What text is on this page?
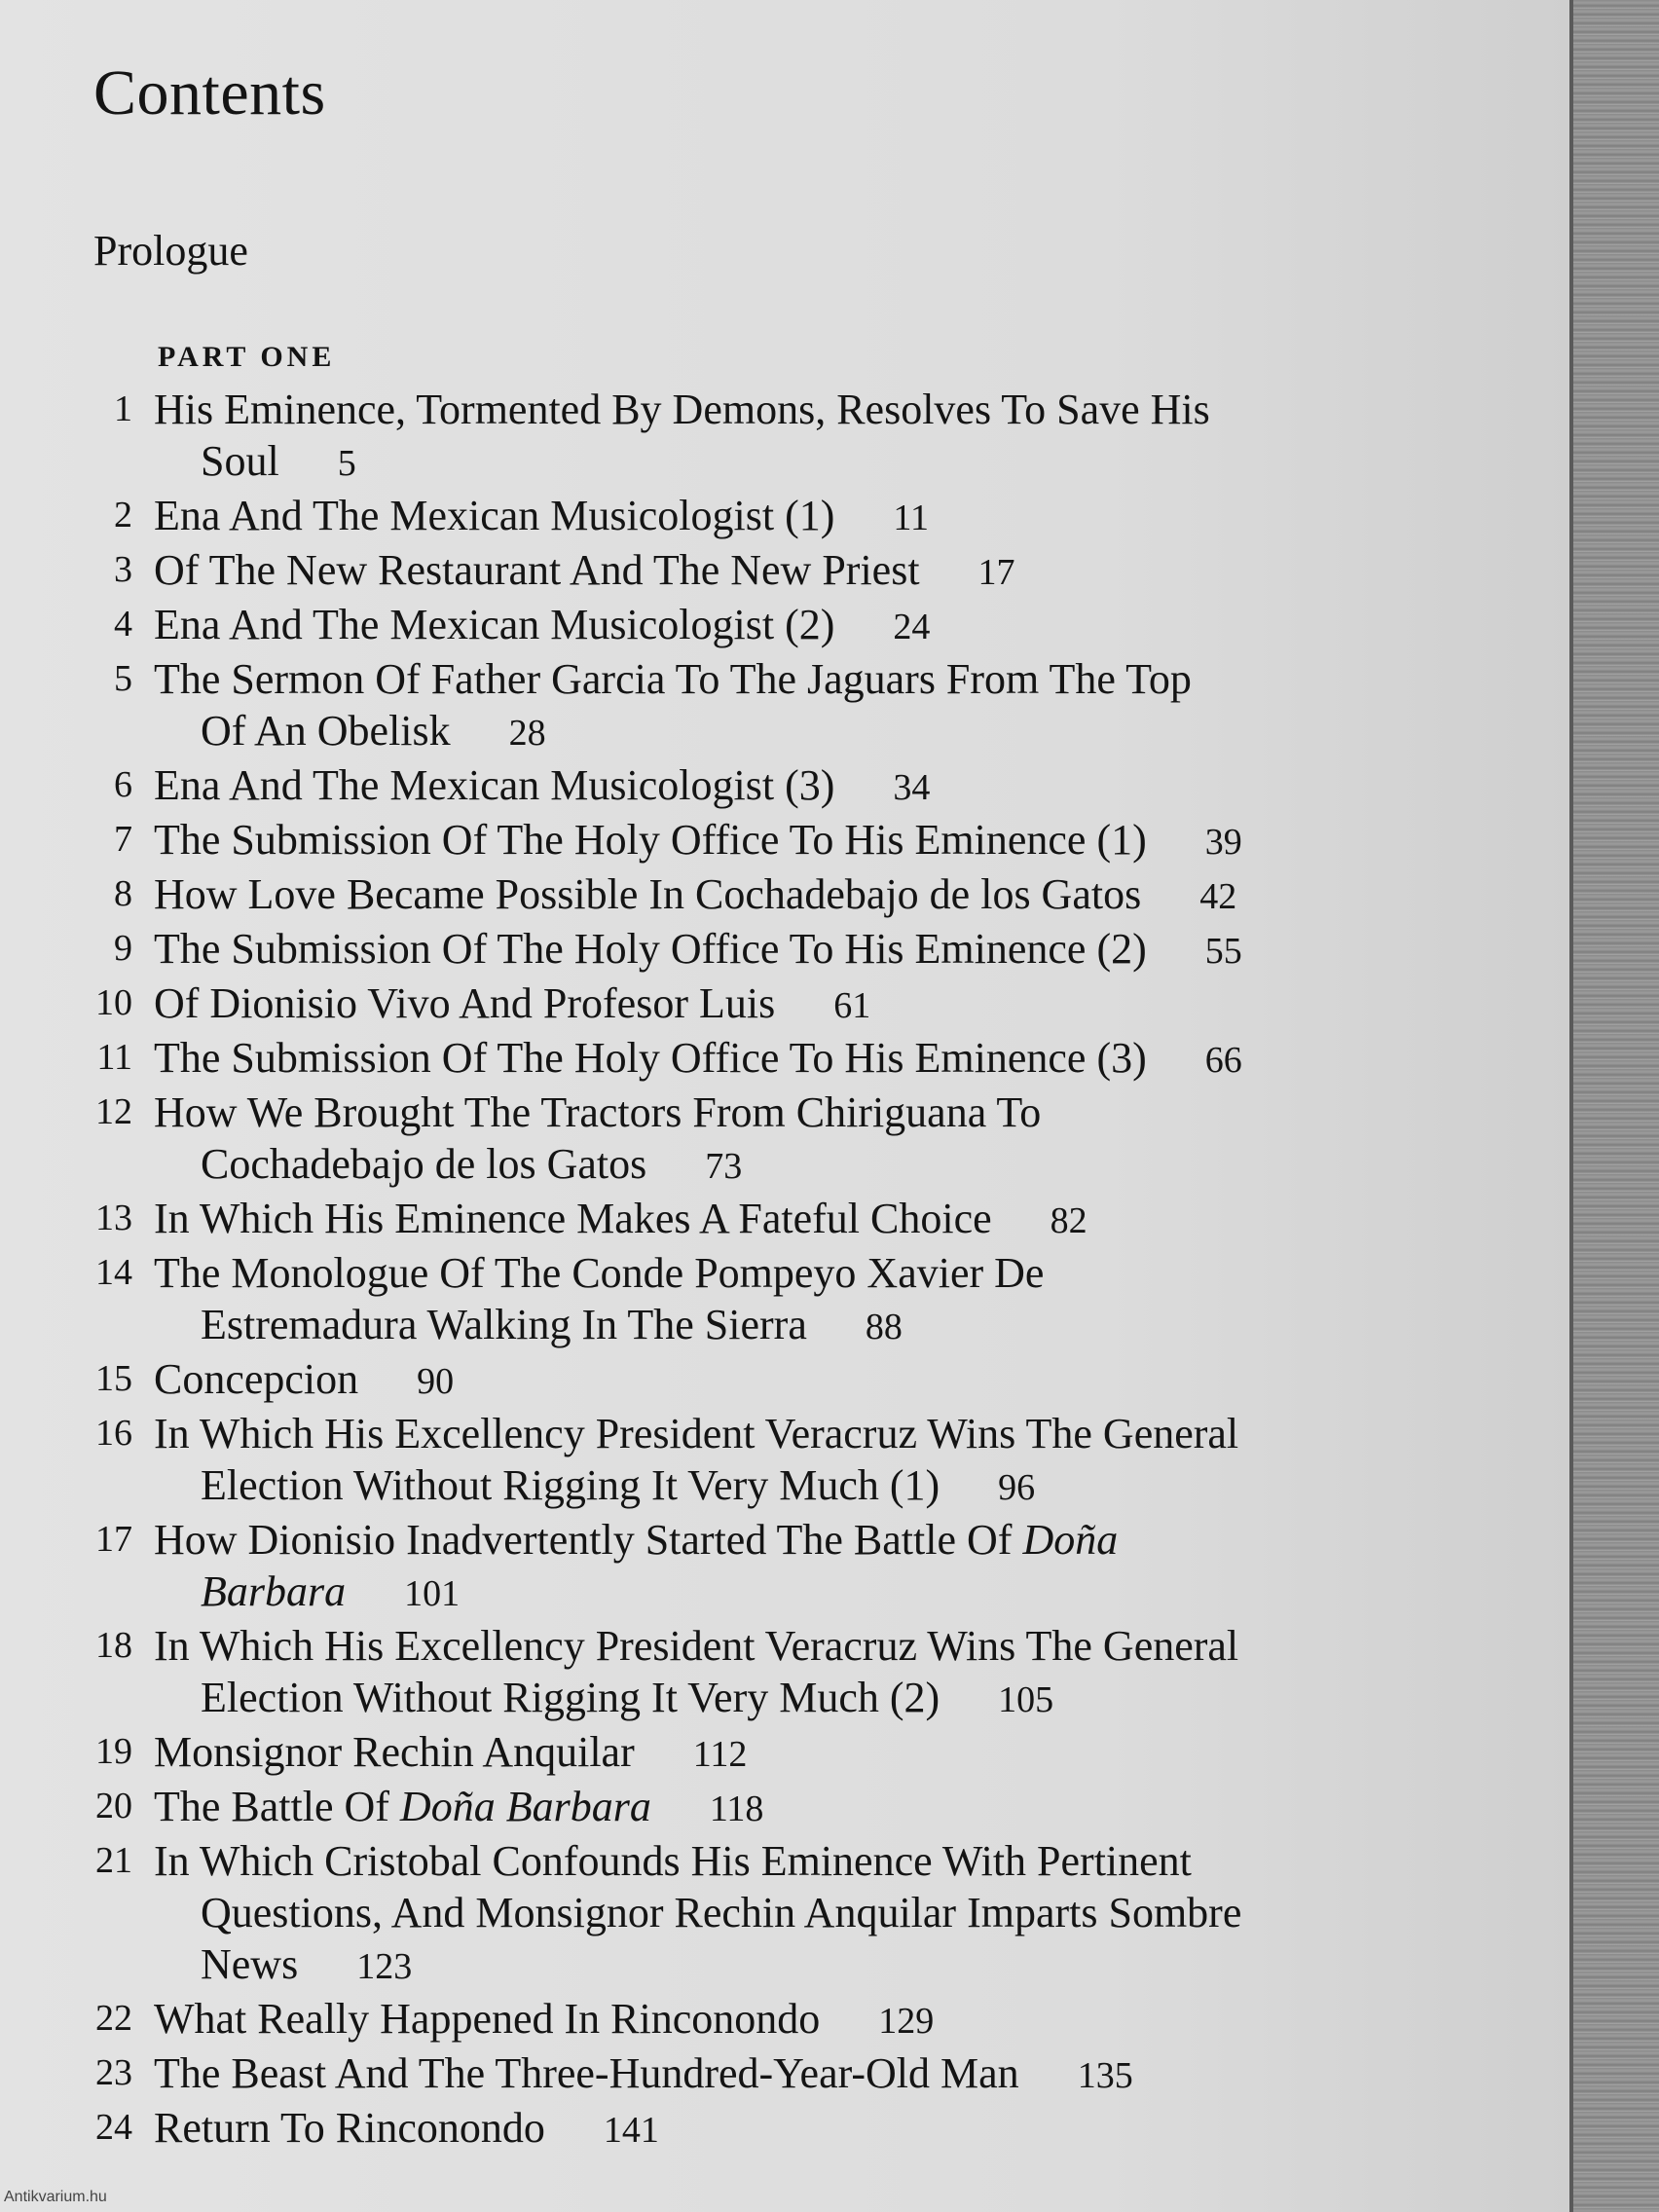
Contents
Prologue
PART ONE
1 His Eminence, Tormented By Demons, Resolves To Save His
Soul 5
2 Ena And The Mexican Musicologist (1) 11
3 Of The New Restaurant And The New Priest 17
4 Ena And The Mexican Musicologist (2) 24
5 The Sermon Of Father Garcia To The Jaguars From The Top
Of An Obelisk 28
6 Ena And The Mexican Musicologist (3) 34
7 The Submission Of The Holy Office To His Eminence (1) 39
8 How Love Became Possible In Cochadebajo de los Gatos 42
9 The Submission Of The Holy Office To His Eminence (2) 55
10 Of Dionisio Vivo And Profesor Luis 61
11 The Submission Of The Holy Office To His Eminence (3) 66
12 How We Brought The Tractors From Chiriguana To
Cochadebajo de los Gatos 73
13 In Which His Eminence Makes A Fateful Choice 82
14 The Monologue Of The Conde Pompeyo Xavier De
Estremadura Walking In The Sierra 88
15 Concepcion 90
16 In Which His Excellency President Veracruz Wins The General
Election Without Rigging It Very Much (1) 96
17 How Dionisio Inadvertently Started The Battle Of Doña
Barbara 101
18 In Which His Excellency President Veracruz Wins The General
Election Without Rigging It Very Much (2) 105
19 Monsignor Rechin Anquilar 112
20 The Battle Of Doña Barbara 118
21 In Which Cristobal Confounds His Eminence With Pertinent
Questions, And Monsignor Rechin Anquilar Imparts Sombre
News 123
22 What Really Happened In Rinconondo 129
23 The Beast And The Three-Hundred-Year-Old Man 135
24 Return To Rinconondo 141
Antikvarium.hu
